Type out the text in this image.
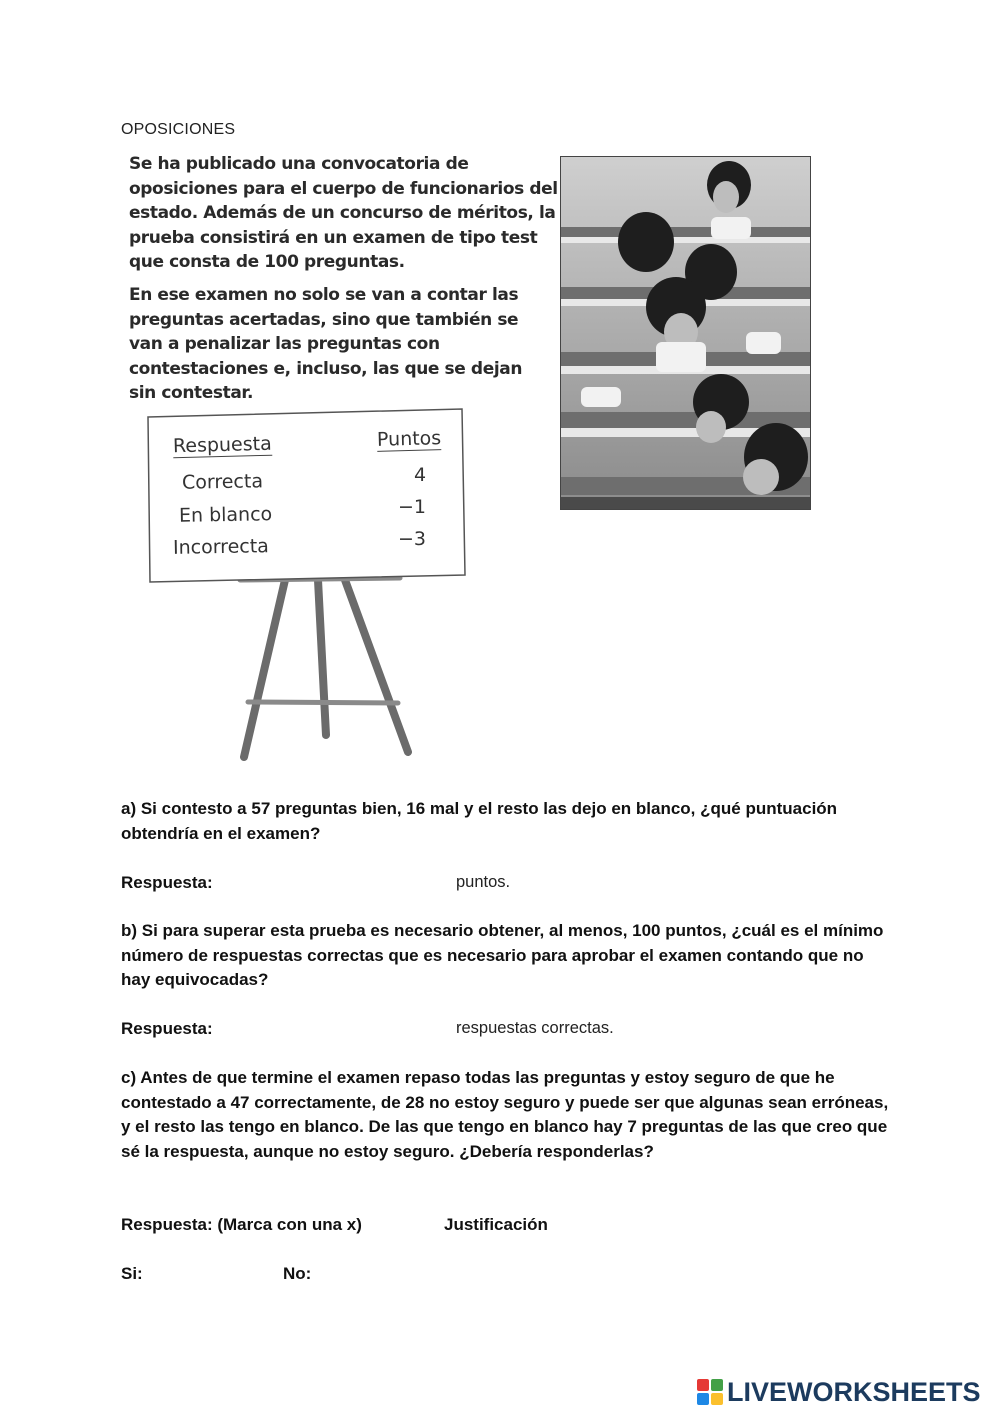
OPOSICIONES
Se ha publicado una convocatoria de oposiciones para el cuerpo de funcionarios del estado. Además de un concurso de méritos, la prueba consistirá en un examen de tipo test que consta de 100 preguntas.
En ese examen no solo se van a contar las preguntas acertadas, sino que también se van a penalizar las preguntas con contestaciones e, incluso, las que se dejan sin contestar.
Respuesta	Puntos
Correcta	4
En blanco	−1
Incorrecta	−3
a) Si contesto a 57 preguntas bien, 16 mal y el resto las dejo en blanco, ¿qué puntuación obtendría en el examen?
Respuesta:	puntos.
b) Si para superar esta prueba es necesario obtener, al menos, 100 puntos, ¿cuál es el mínimo número de respuestas correctas que es necesario para aprobar el examen contando que no hay equivocadas?
Respuesta:	respuestas correctas.
c) Antes de que termine el examen repaso todas las preguntas y estoy seguro de que he contestado a 47 correctamente, de 28 no estoy seguro y puede ser que algunas sean erróneas, y el resto las tengo en blanco. De las que tengo en blanco hay 7 preguntas de las que creo que sé la respuesta, aunque no estoy seguro. ¿Debería responderlas?
Respuesta: (Marca con una x)	Justificación
Si:	No:
LIVEWORKSHEETS
